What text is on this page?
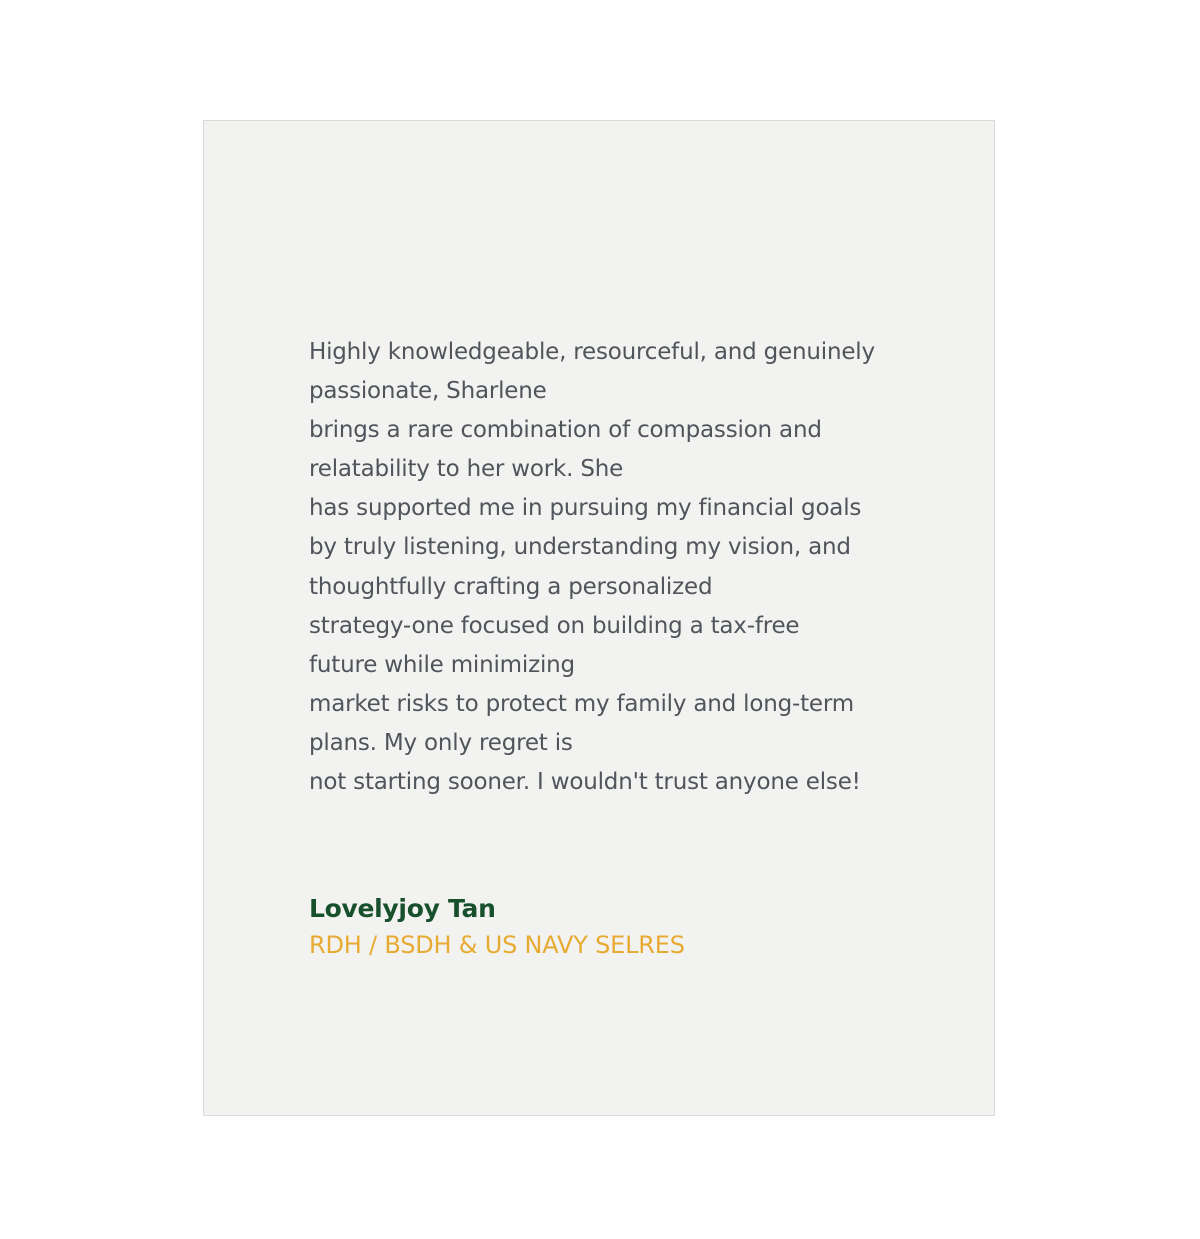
Highly knowledgeable, resourceful, and genuinely
passionate, Sharlene
brings a rare combination of compassion and
relatability to her work. She
has supported me in pursuing my financial goals
by truly listening, understanding my vision, and
thoughtfully crafting a personalized
strategy-one focused on building a tax-free
future while minimizing
market risks to protect my family and long-term
plans. My only regret is
not starting sooner. I wouldn't trust anyone else!
Lovelyjoy Tan
RDH / BSDH & US NAVY SELRES
